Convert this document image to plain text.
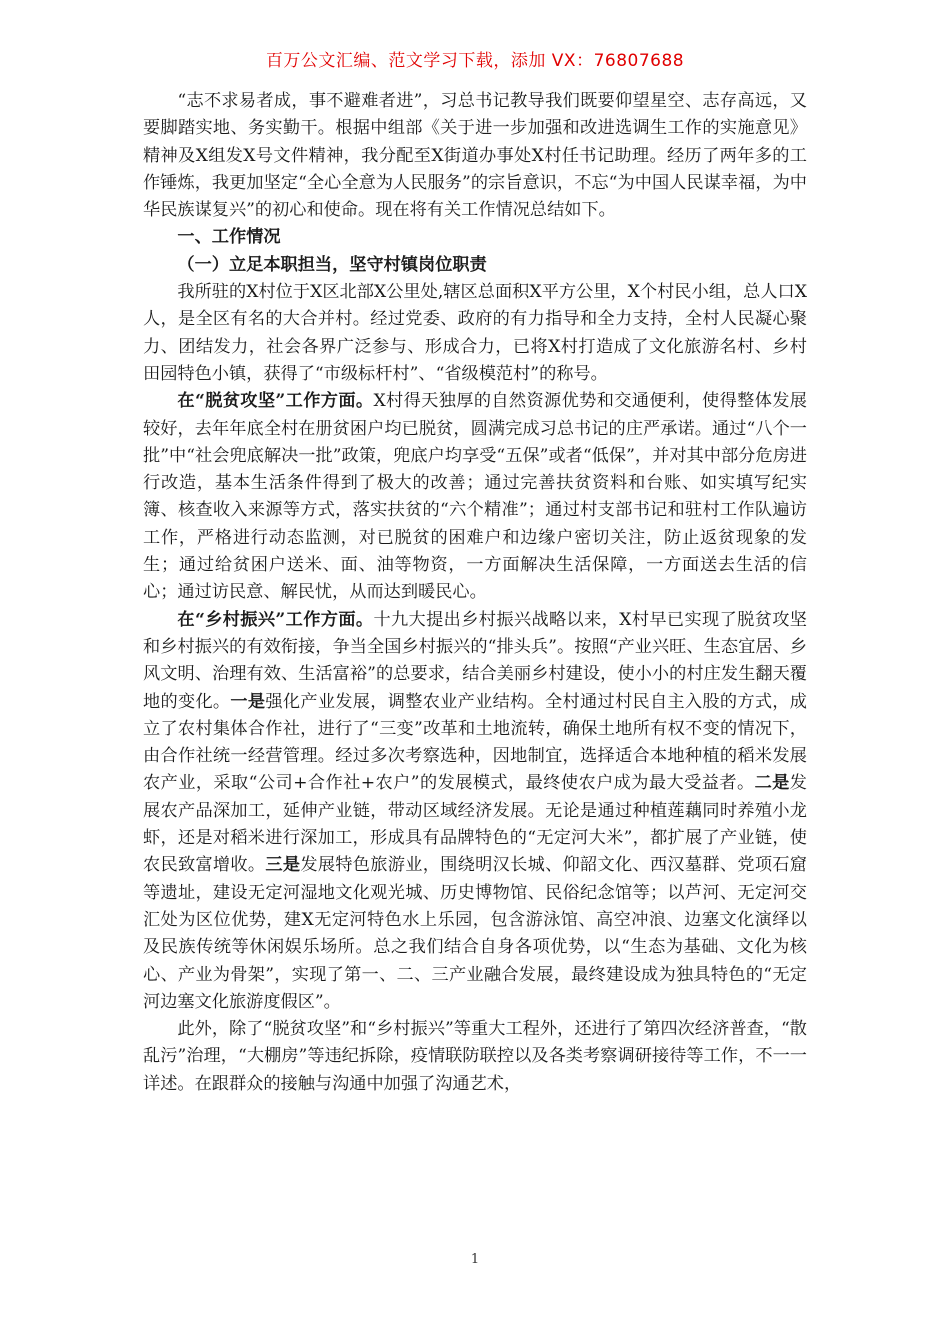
百万公文汇编、范文学习下载，添加 VX：76807688

“志不求易者成，事不避难者进”，习总书记教导我们既要仰望星空、志存高远，又要脚踏实地、务实勤干。根据中组部《关于进一步加强和改进选调生工作的实施意见》精神及X组发X号文件精神，我分配至X街道办事处X村任书记助理。经历了两年多的工作锤炼，我更加坚定“全心全意为人民服务”的宗旨意识，不忘“为中国人民谋幸福，为中华民族谋复兴”的初心和使命。现在将有关工作情况总结如下。

一、工作情况
（一）立足本职担当，坚守村镇岗位职责

我所驻的X村位于X区北部X公里处,辖区总面积X平方公里，X个村民小组，总人口X人，是全区有名的大合并村。经过党委、政府的有力指导和全力支持，全村人民凝心聚力、团结发力，社会各界广泛参与、形成合力，已将X村打造成了文化旅游名村、乡村田园特色小镇，获得了“市级标杆村”、“省级模范村”的称号。

在“脱贫攻坚”工作方面。X村得天独厚的自然资源优势和交通便利，使得整体发展较好，去年年底全村在册贫困户均已脱贫，圆满完成习总书记的庄严承诺。通过“八个一批”中“社会兜底解决一批”政策，兜底户均享受“五保”或者“低保”，并对其中部分危房进行改造，基本生活条件得到了极大的改善；通过完善扶贫资料和台账、如实填写纪实簿、核查收入来源等方式，落实扶贫的“六个精准”；通过村支部书记和驻村工作队遍访工作，严格进行动态监测，对已脱贫的困难户和边缘户密切关注，防止返贫现象的发生；通过给贫困户送米、面、油等物资，一方面解决生活保障，一方面送去生活的信心；通过访民意、解民忧，从而达到暖民心。

在“乡村振兴”工作方面。十九大提出乡村振兴战略以来，X村早已实现了脱贫攻坚和乡村振兴的有效衔接，争当全国乡村振兴的“排头兵”。按照“产业兴旺、生态宜居、乡风文明、治理有效、生活富裕”的总要求，结合美丽乡村建设，使小小的村庄发生翻天覆地的变化。一是强化产业发展，调整农业产业结构。全村通过村民自主入股的方式，成立了农村集体合作社，进行了“三变”改革和土地流转，确保土地所有权不变的情况下，由合作社统一经营管理。经过多次考察选种，因地制宜，选择适合本地种植的稻米发展农产业，采取“公司+合作社+农户”的发展模式，最终使农户成为最大受益者。二是发展农产品深加工，延伸产业链，带动区域经济发展。无论是通过种植莲藕同时养殖小龙虾，还是对稻米进行深加工，形成具有品牌特色的“无定河大米”，都扩展了产业链，使农民致富增收。三是发展特色旅游业，围绕明汉长城、仰韶文化、西汉墓群、党项石窟等遗址，建设无定河湿地文化观光城、历史博物馆、民俗纪念馆等；以芦河、无定河交汇处为区位优势，建X无定河特色水上乐园，包含游泳馆、高空冲浪、边塞文化演绎以及民族传统等休闲娱乐场所。总之我们结合自身各项优势，以“生态为基础、文化为核心、产业为骨架”，实现了第一、二、三产业融合发展，最终建设成为独具特色的“无定河边塞文化旅游度假区”。

此外，除了“脱贫攻坚”和“乡村振兴”等重大工程外，还进行了第四次经济普查，“散乱污”治理，“大棚房”等违纪拆除，疫情联防联控以及各类考察调研接待等工作，不一一详述。在跟群众的接触与沟通中加强了沟通艺术，

1
